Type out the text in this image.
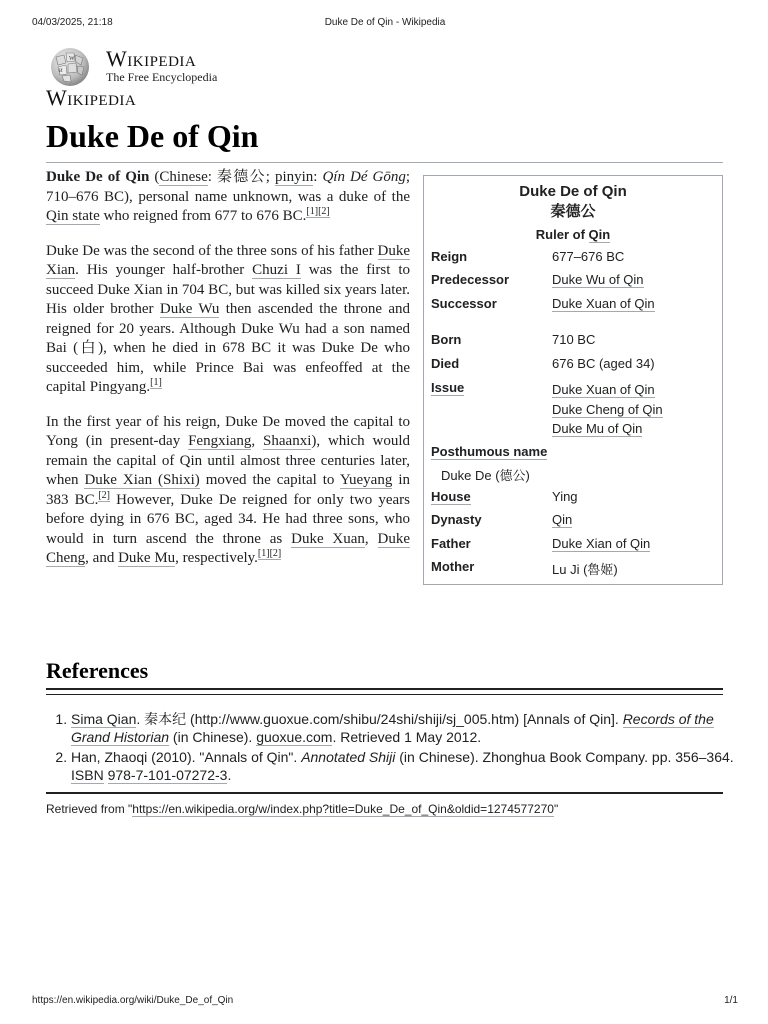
04/03/2025, 21:18	Duke De of Qin - Wikipedia
W
И
Wikipedia
The Free Encyclopedia
Wikipedia
Duke De of Qin

Duke De of Qin (Chinese: 秦德公; pinyin: Qín Dé Gōng; 710–676 BC), personal name unknown, was a duke of the Qin state who reigned from 677 to 676 BC.[1][2]

Duke De was the second of the three sons of his father Duke Xian. His younger half-brother Chuzi I was the first to succeed Duke Xian in 704 BC, but was killed six years later. His older brother Duke Wu then ascended the throne and reigned for 20 years. Although Duke Wu had a son named Bai (白), when he died in 678 BC it was Duke De who succeeded him, while Prince Bai was enfeoffed at the capital Pingyang.[1]

In the first year of his reign, Duke De moved the capital to Yong (in present-day Fengxiang, Shaanxi), which would remain the capital of Qin until almost three centuries later, when Duke Xian (Shixi) moved the capital to Yueyang in 383 BC.[2] However, Duke De reigned for only two years before dying in 676 BC, aged 34. He had three sons, who would in turn ascend the throne as Duke Xuan, Duke Cheng, and Duke Mu, respectively.[1][2]

Duke De of Qin
秦德公
Ruler of Qin
Reign	677–676 BC
Predecessor	Duke Wu of Qin
Successor	Duke Xuan of Qin
Born	710 BC
Died	676 BC (aged 34)
Issue	Duke Xuan of Qin
Duke Cheng of Qin
Duke Mu of Qin
Posthumous name
Duke De (德公)
House	Ying
Dynasty	Qin
Father	Duke Xian of Qin
Mother	Lu Ji (魯姬)
References
1. Sima Qian. 秦本纪 (http://www.guoxue.com/shibu/24shi/shiji/sj_005.htm) [Annals of Qin]. Records of the Grand Historian (in Chinese). guoxue.com. Retrieved 1 May 2012.
2. Han, Zhaoqi (2010). "Annals of Qin". Annotated Shiji (in Chinese). Zhonghua Book Company. pp. 356–364. ISBN 978-7-101-07272-3.
Retrieved from "https://en.wikipedia.org/w/index.php?title=Duke_De_of_Qin&oldid=1274577270"
https://en.wikipedia.org/wiki/Duke_De_of_Qin	1/1
